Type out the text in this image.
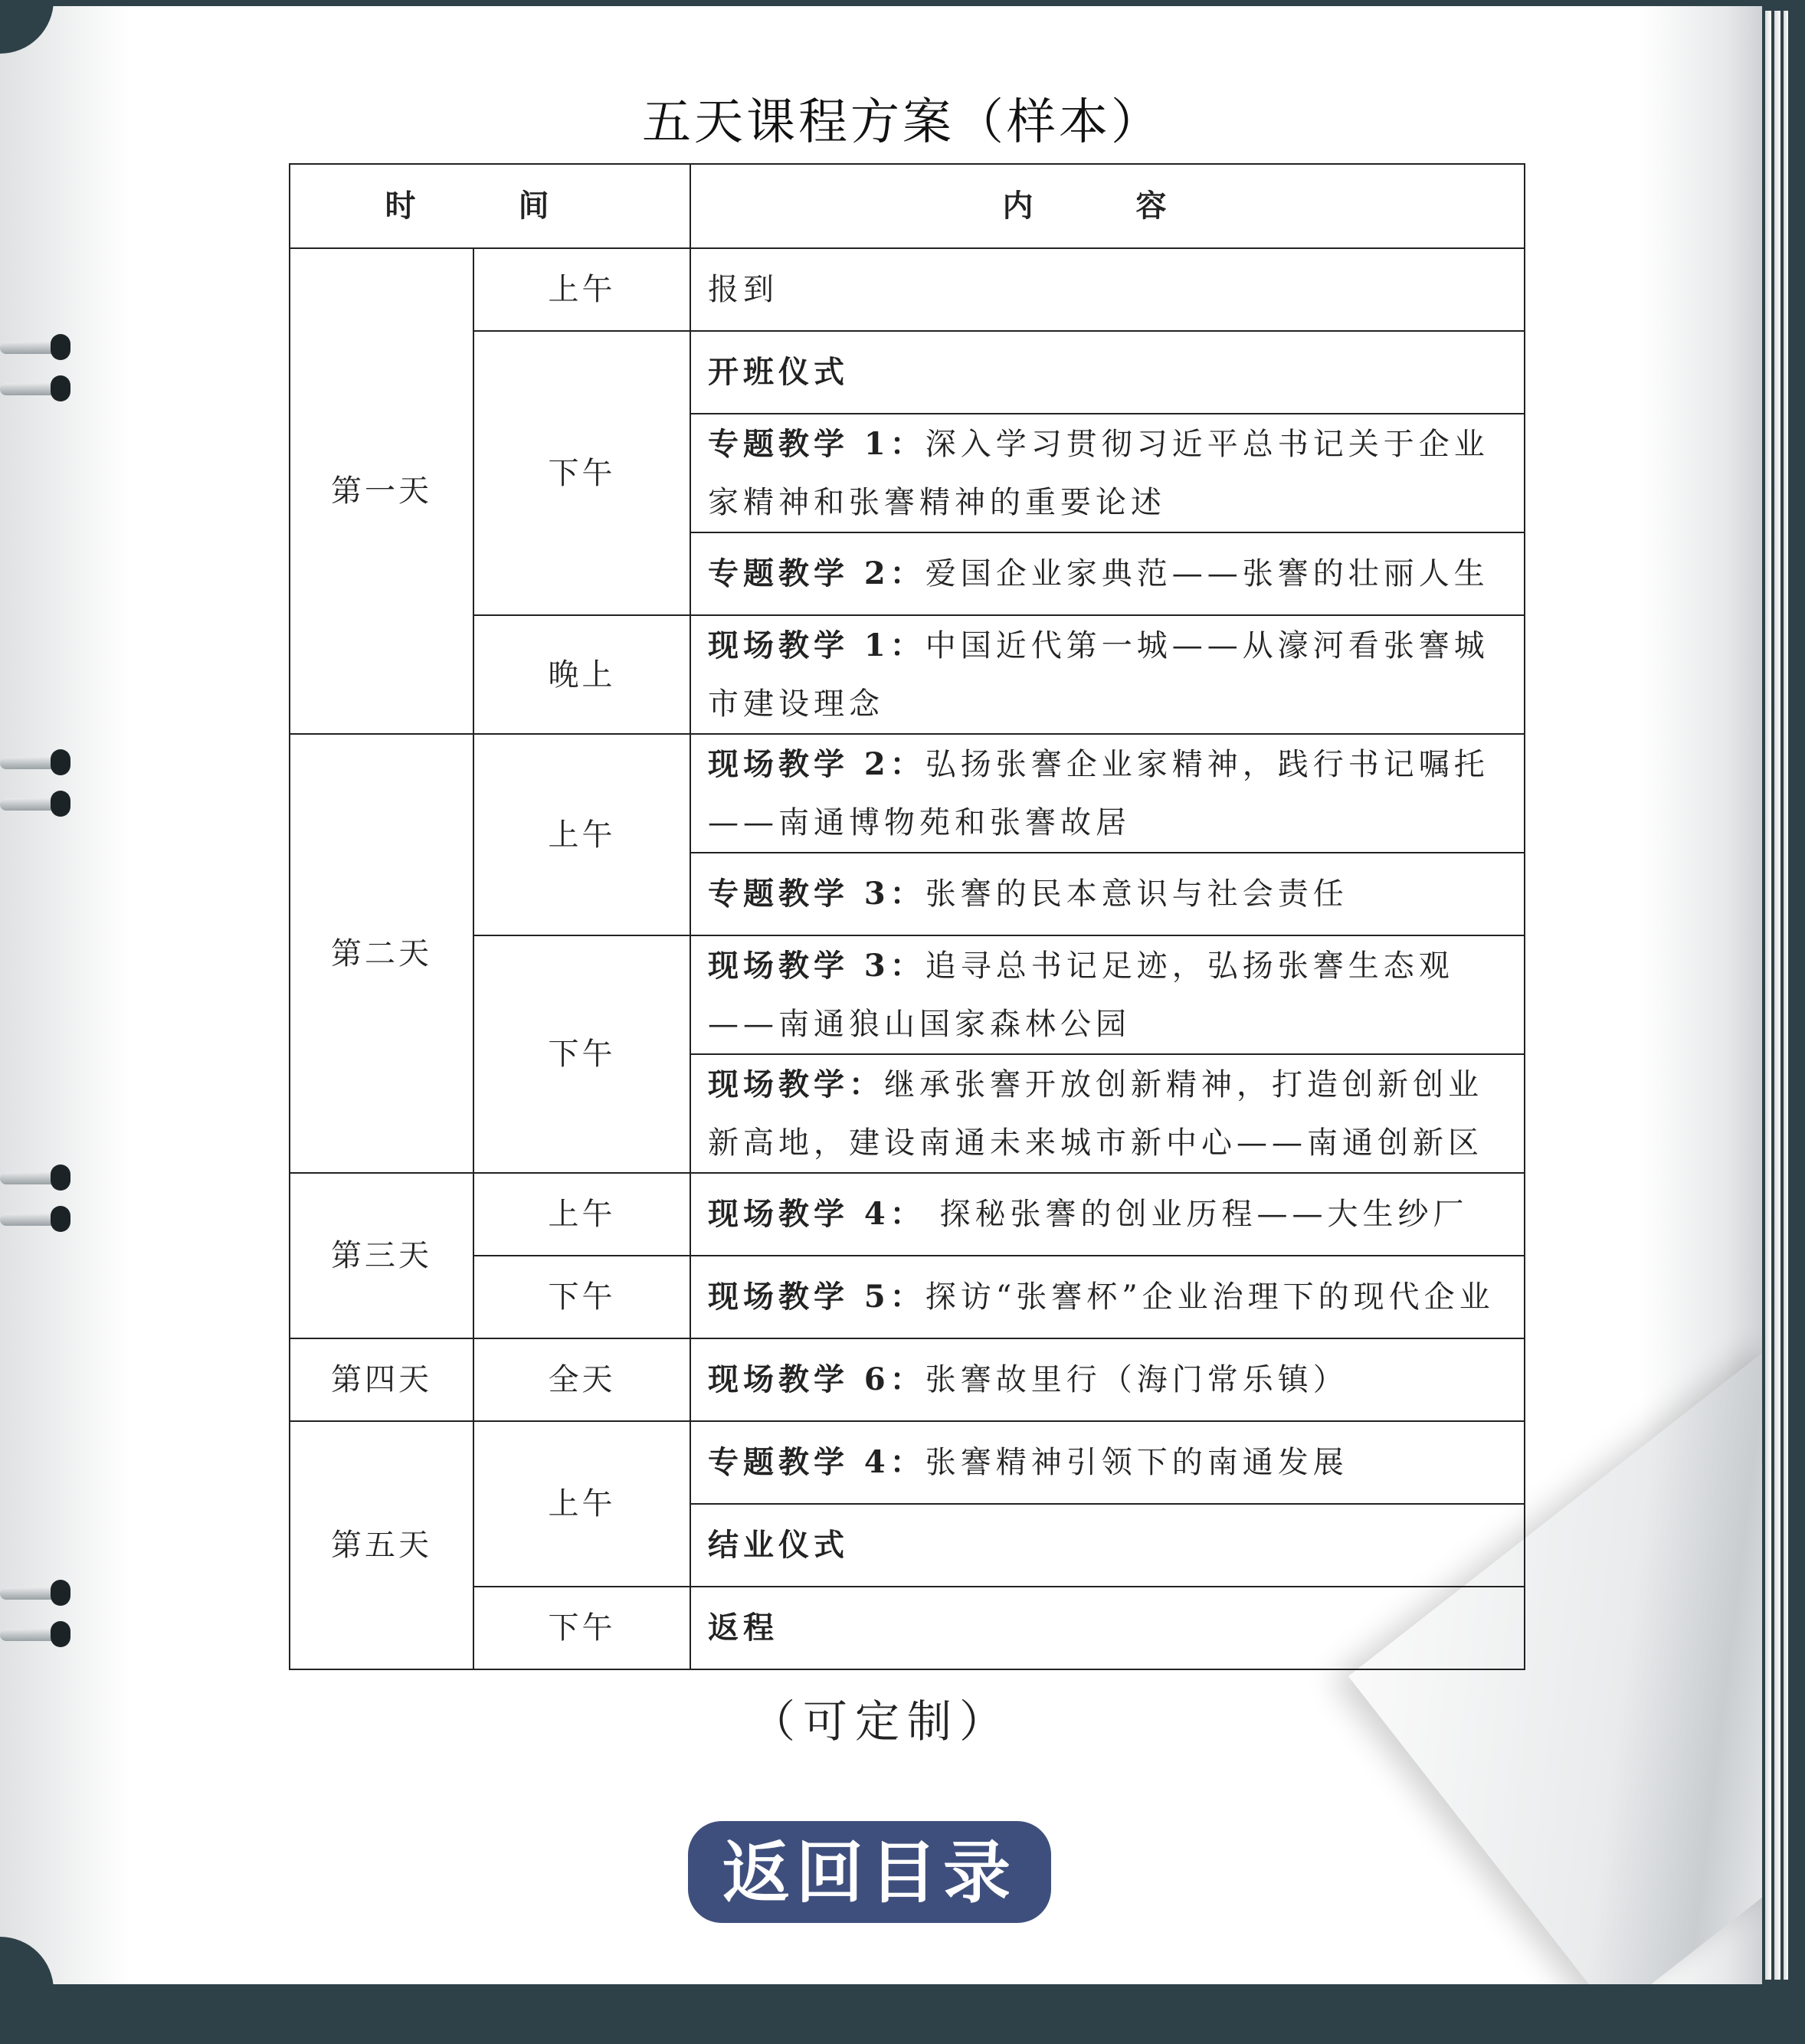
五天课程方案（样本）
时 间		内 容
第一天	上午	报到
	下午	开班仪式
		专题教学 1：深入学习贯彻习近平总书记关于企业家精神和张謇精神的重要论述
		专题教学 2：爱国企业家典范——张謇的壮丽人生
	晚上	现场教学 1：中国近代第一城——从濠河看张謇城市建设理念
第二天	上午	现场教学 2：弘扬张謇企业家精神，践行书记嘱托——南通博物苑和张謇故居
		专题教学 3：张謇的民本意识与社会责任
	下午	现场教学 3：追寻总书记足迹，弘扬张謇生态观——南通狼山国家森林公园
		现场教学：继承张謇开放创新精神，打造创新创业新高地，建设南通未来城市新中心——南通创新区
第三天	上午	现场教学 4： 探秘张謇的创业历程——大生纱厂
	下午	现场教学 5：探访“张謇杯”企业治理下的现代企业
第四天	全天	现场教学 6：张謇故里行（海门常乐镇）
第五天	上午	专题教学 4：张謇精神引领下的南通发展
		结业仪式
	下午	返程
（可定制）
返回目录
